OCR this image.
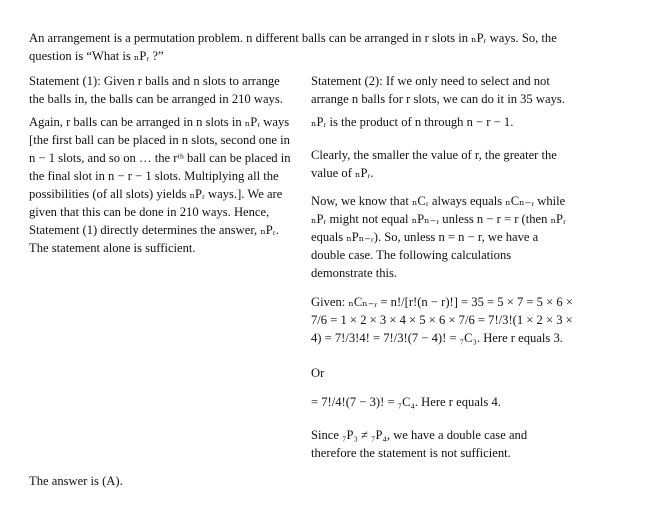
An arrangement is a permutation problem. n different balls can be arranged in r slots in ₙPᵣ ways. So, the
question is “What is ₙPᵣ ?”
Statement (1): Given r balls and n slots to arrange
the balls in, the balls can be arranged in 210 ways.
Again, r balls can be arranged in n slots in ₙPᵣ ways
[the first ball can be placed in n slots, second one in
n − 1 slots, and so on … the rᵗʰ ball can be placed in
the final slot in n − r − 1 slots. Multiplying all the
possibilities (of all slots) yields ₙPᵣ ways.]. We are
given that this can be done in 210 ways. Hence,
Statement (1) directly determines the answer, ₙPᵣ.
The statement alone is sufficient.
Statement (2): If we only need to select and not
arrange n balls for r slots, we can do it in 35 ways.
ₙPᵣ is the product of n through n − r − 1.
Clearly, the smaller the value of r, the greater the
value of ₙPᵣ.
Now, we know that ₙCᵣ always equals ₙCₙ₋ᵣ while
ₙPᵣ might not equal ₙPₙ₋ᵣ unless n − r = r (then ₙPᵣ
equals ₙPₙ₋ᵣ). So, unless n = n − r, we have a
double case. The following calculations
demonstrate this.
Given: ₙCₙ₋ᵣ = n!/[r!(n − r)!] = 35 = 5 × 7 = 5 × 6 ×
7/6 = 1 × 2 × 3 × 4 × 5 × 6 × 7/6 = 7!/3!(1 × 2 × 3 ×
4) = 7!/3!4! = 7!/3!(7 − 4)! = ₇C₃. Here r equals 3.
Or
= 7!/4!(7 − 3)! = ₇C₄. Here r equals 4.
Since ₇P₃ ≠ ₇P₄, we have a double case and
therefore the statement is not sufficient.
The answer is (A).
